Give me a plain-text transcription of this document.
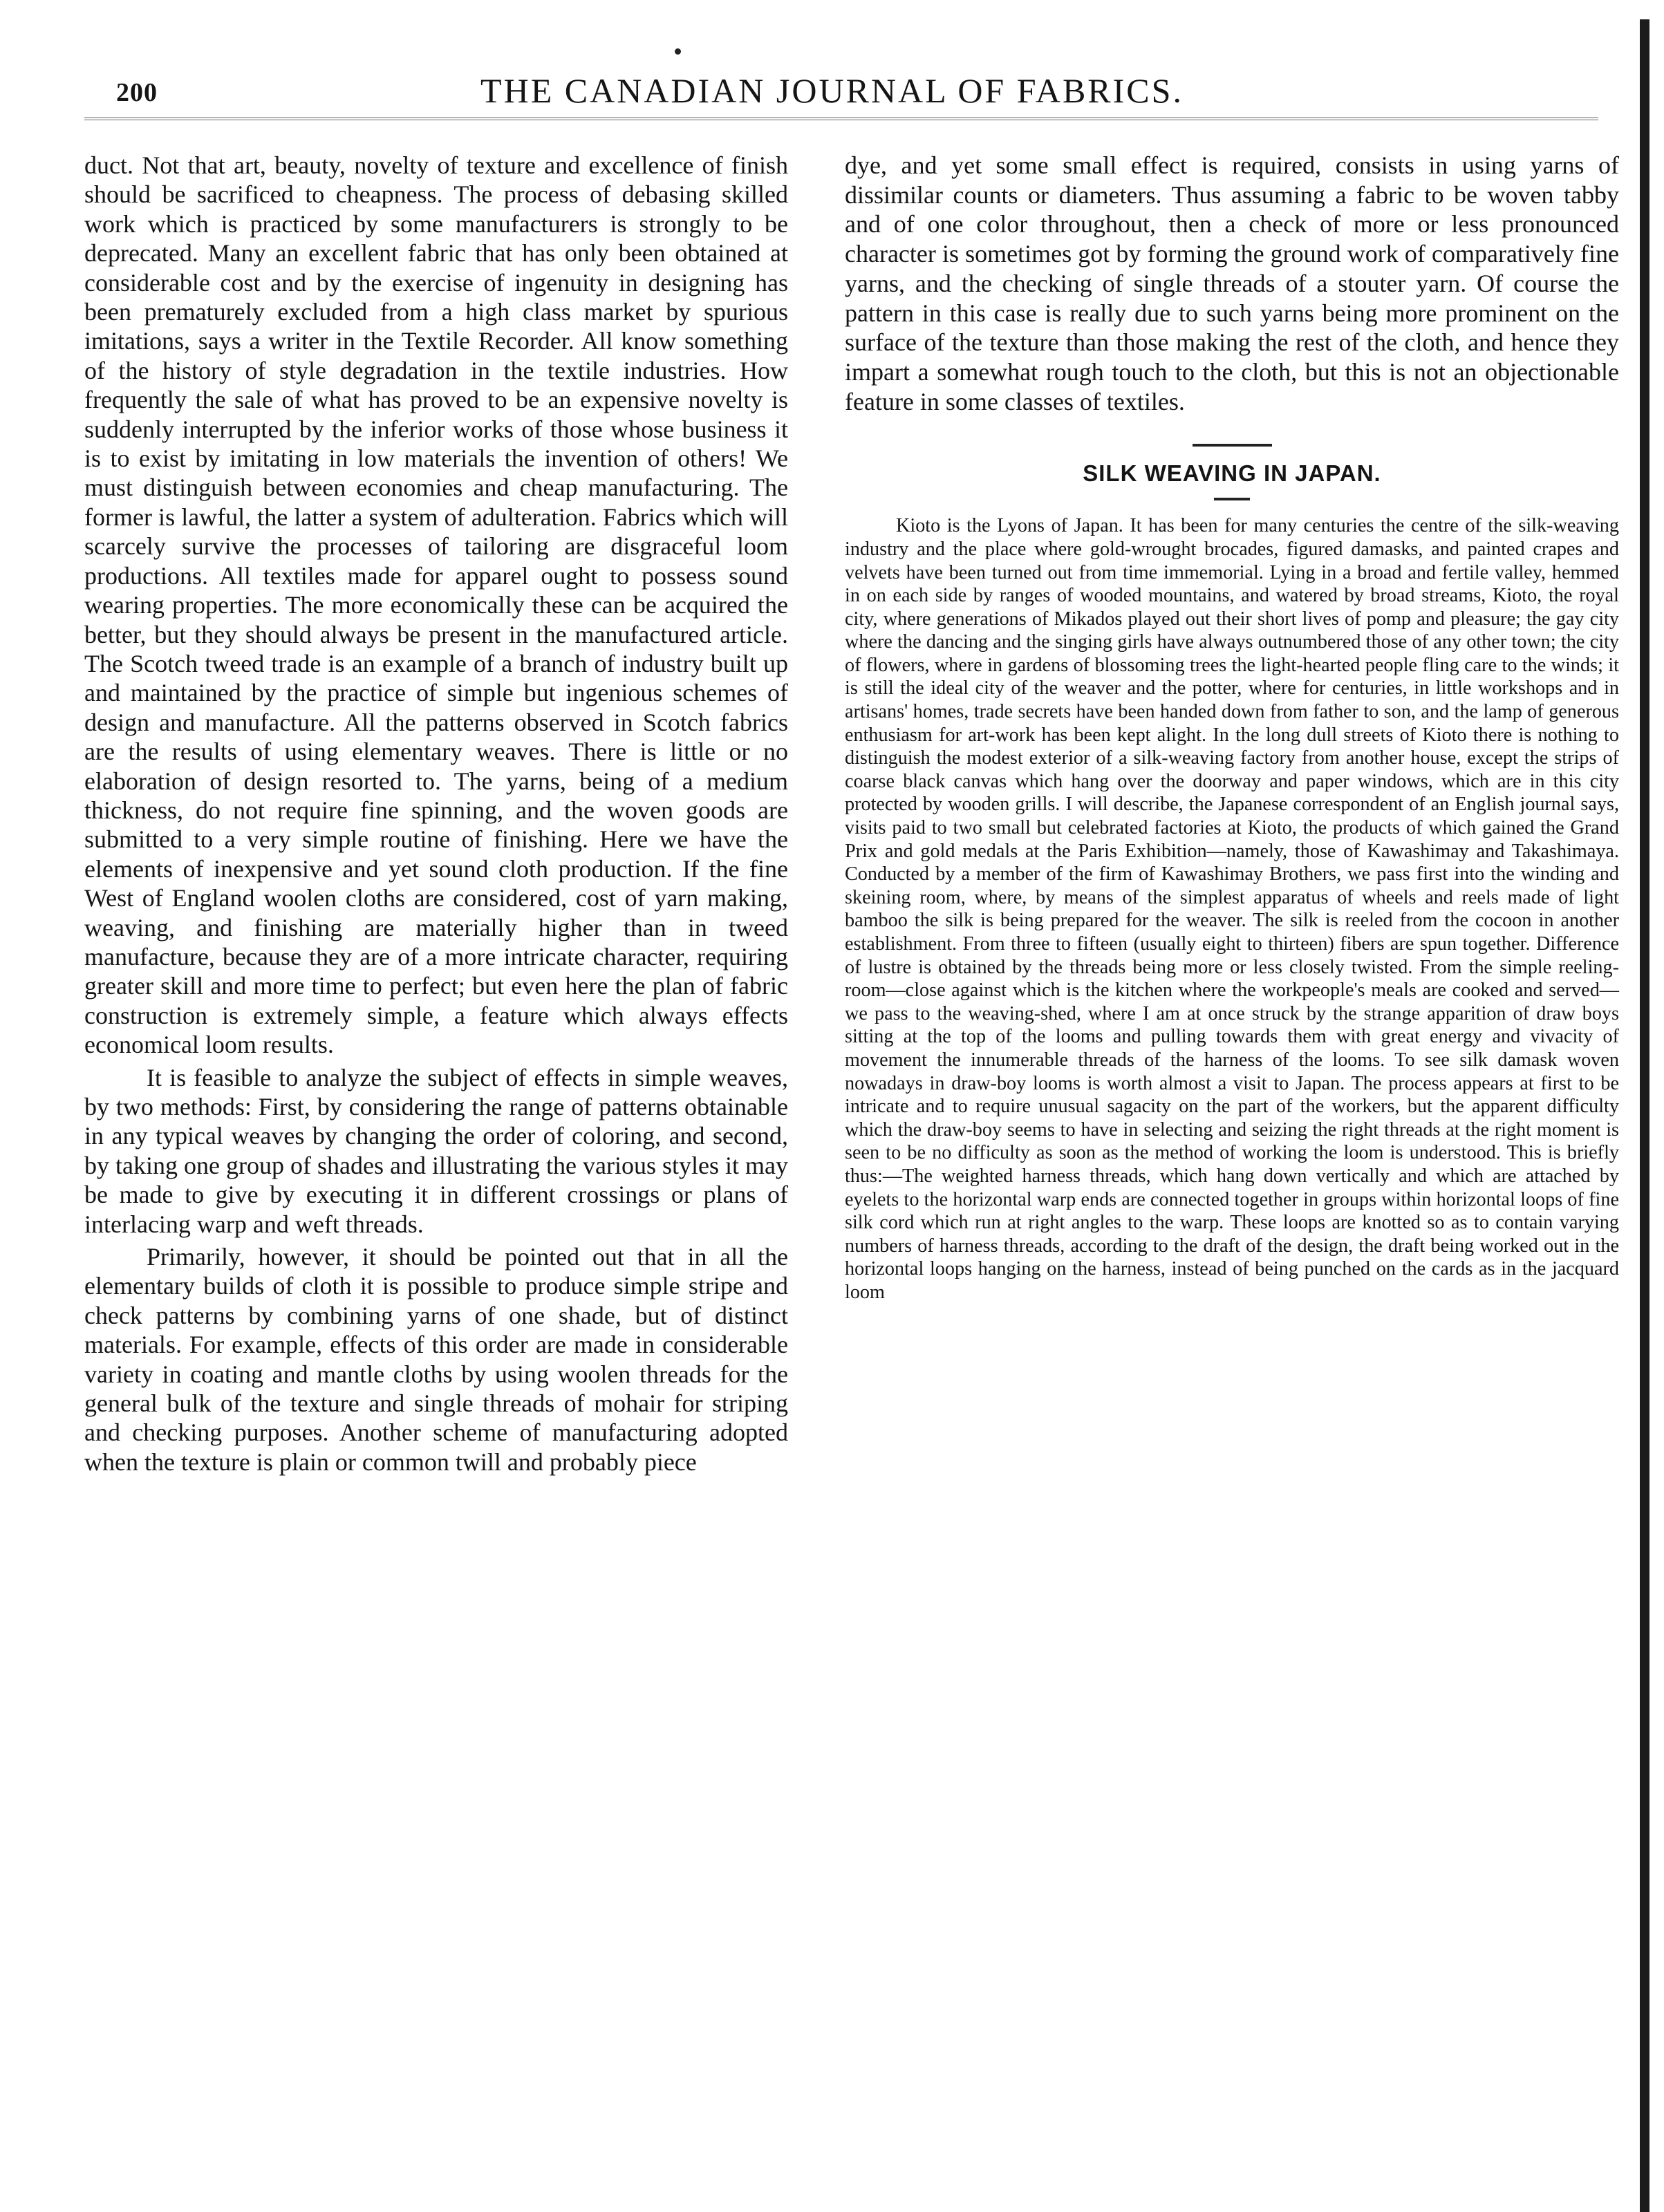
200	THE CANADIAN JOURNAL OF FABRICS.

duct. Not that art, beauty, novelty of texture and excellence of finish should be sacrificed to cheapness. The process of debasing skilled work which is practiced by some manufacturers is strongly to be deprecated. Many an excellent fabric that has only been obtained at considerable cost and by the exercise of ingenuity in designing has been prematurely excluded from a high class market by spurious imitations, says a writer in the Textile Recorder. All know something of the history of style degradation in the textile industries. How frequently the sale of what has proved to be an expensive novelty is suddenly interrupted by the inferior works of those whose business it is to exist by imitating in low materials the invention of others! We must distinguish between economies and cheap manufacturing. The former is lawful, the latter a system of adulteration. Fabrics which will scarcely survive the processes of tailoring are disgraceful loom productions. All textiles made for apparel ought to possess sound wearing properties. The more economically these can be acquired the better, but they should always be present in the manufactured article. The Scotch tweed trade is an example of a branch of industry built up and maintained by the practice of simple but ingenious schemes of design and manufacture. All the patterns observed in Scotch fabrics are the results of using elementary weaves. There is little or no elaboration of design resorted to. The yarns, being of a medium thickness, do not require fine spinning, and the woven goods are submitted to a very simple routine of finishing. Here we have the elements of inexpensive and yet sound cloth production. If the fine West of England woolen cloths are considered, cost of yarn making, weaving, and finishing are materially higher than in tweed manufacture, because they are of a more intricate character, requiring greater skill and more time to perfect; but even here the plan of fabric construction is extremely simple, a feature which always effects economical loom results.

It is feasible to analyze the subject of effects in simple weaves, by two methods: First, by considering the range of patterns obtainable in any typical weaves by changing the order of coloring, and second, by taking one group of shades and illustrating the various styles it may be made to give by executing it in different crossings or plans of interlacing warp and weft threads.

Primarily, however, it should be pointed out that in all the elementary builds of cloth it is possible to produce simple stripe and check patterns by combining yarns of one shade, but of distinct materials. For example, effects of this order are made in considerable variety in coating and mantle cloths by using woolen threads for the general bulk of the texture and single threads of mohair for striping and checking purposes. Another scheme of manufacturing adopted when the texture is plain or common twill and probably piece

dye, and yet some small effect is required, consists in using yarns of dissimilar counts or diameters. Thus assuming a fabric to be woven tabby and of one color throughout, then a check of more or less pronounced character is sometimes got by forming the ground work of comparatively fine yarns, and the checking of single threads of a stouter yarn. Of course the pattern in this case is really due to such yarns being more prominent on the surface of the texture than those making the rest of the cloth, and hence they impart a somewhat rough touch to the cloth, but this is not an objectionable feature in some classes of textiles.

SILK WEAVING IN JAPAN.

Kioto is the Lyons of Japan. It has been for many centuries the centre of the silk-weaving industry and the place where gold-wrought brocades, figured damasks, and painted crapes and velvets have been turned out from time immemorial. Lying in a broad and fertile valley, hemmed in on each side by ranges of wooded mountains, and watered by broad streams, Kioto, the royal city, where generations of Mikados played out their short lives of pomp and pleasure; the gay city where the dancing and the singing girls have always outnumbered those of any other town; the city of flowers, where in gardens of blossoming trees the light-hearted people fling care to the winds; it is still the ideal city of the weaver and the potter, where for centuries, in little workshops and in artisans' homes, trade secrets have been handed down from father to son, and the lamp of generous enthusiasm for art-work has been kept alight. In the long dull streets of Kioto there is nothing to distinguish the modest exterior of a silk-weaving factory from another house, except the strips of coarse black canvas which hang over the doorway and paper windows, which are in this city protected by wooden grills. I will describe, the Japanese correspondent of an English journal says, visits paid to two small but celebrated factories at Kioto, the products of which gained the Grand Prix and gold medals at the Paris Exhibition—namely, those of Kawashimay and Takashimaya. Conducted by a member of the firm of Kawashimay Brothers, we pass first into the winding and skeining room, where, by means of the simplest apparatus of wheels and reels made of light bamboo the silk is being prepared for the weaver. The silk is reeled from the cocoon in another establishment. From three to fifteen (usually eight to thirteen) fibers are spun together. Difference of lustre is obtained by the threads being more or less closely twisted. From the simple reeling-room—close against which is the kitchen where the workpeople's meals are cooked and served—we pass to the weaving-shed, where I am at once struck by the strange apparition of draw boys sitting at the top of the looms and pulling towards them with great energy and vivacity of movement the innumerable threads of the harness of the looms. To see silk damask woven nowadays in draw-boy looms is worth almost a visit to Japan. The process appears at first to be intricate and to require unusual sagacity on the part of the workers, but the apparent difficulty which the draw-boy seems to have in selecting and seizing the right threads at the right moment is seen to be no difficulty as soon as the method of working the loom is understood. This is briefly thus:—The weighted harness threads, which hang down vertically and which are attached by eyelets to the horizontal warp ends are connected together in groups within horizontal loops of fine silk cord which run at right angles to the warp. These loops are knotted so as to contain varying numbers of harness threads, according to the draft of the design, the draft being worked out in the horizontal loops hanging on the harness, instead of being punched on the cards as in the jacquard loom
